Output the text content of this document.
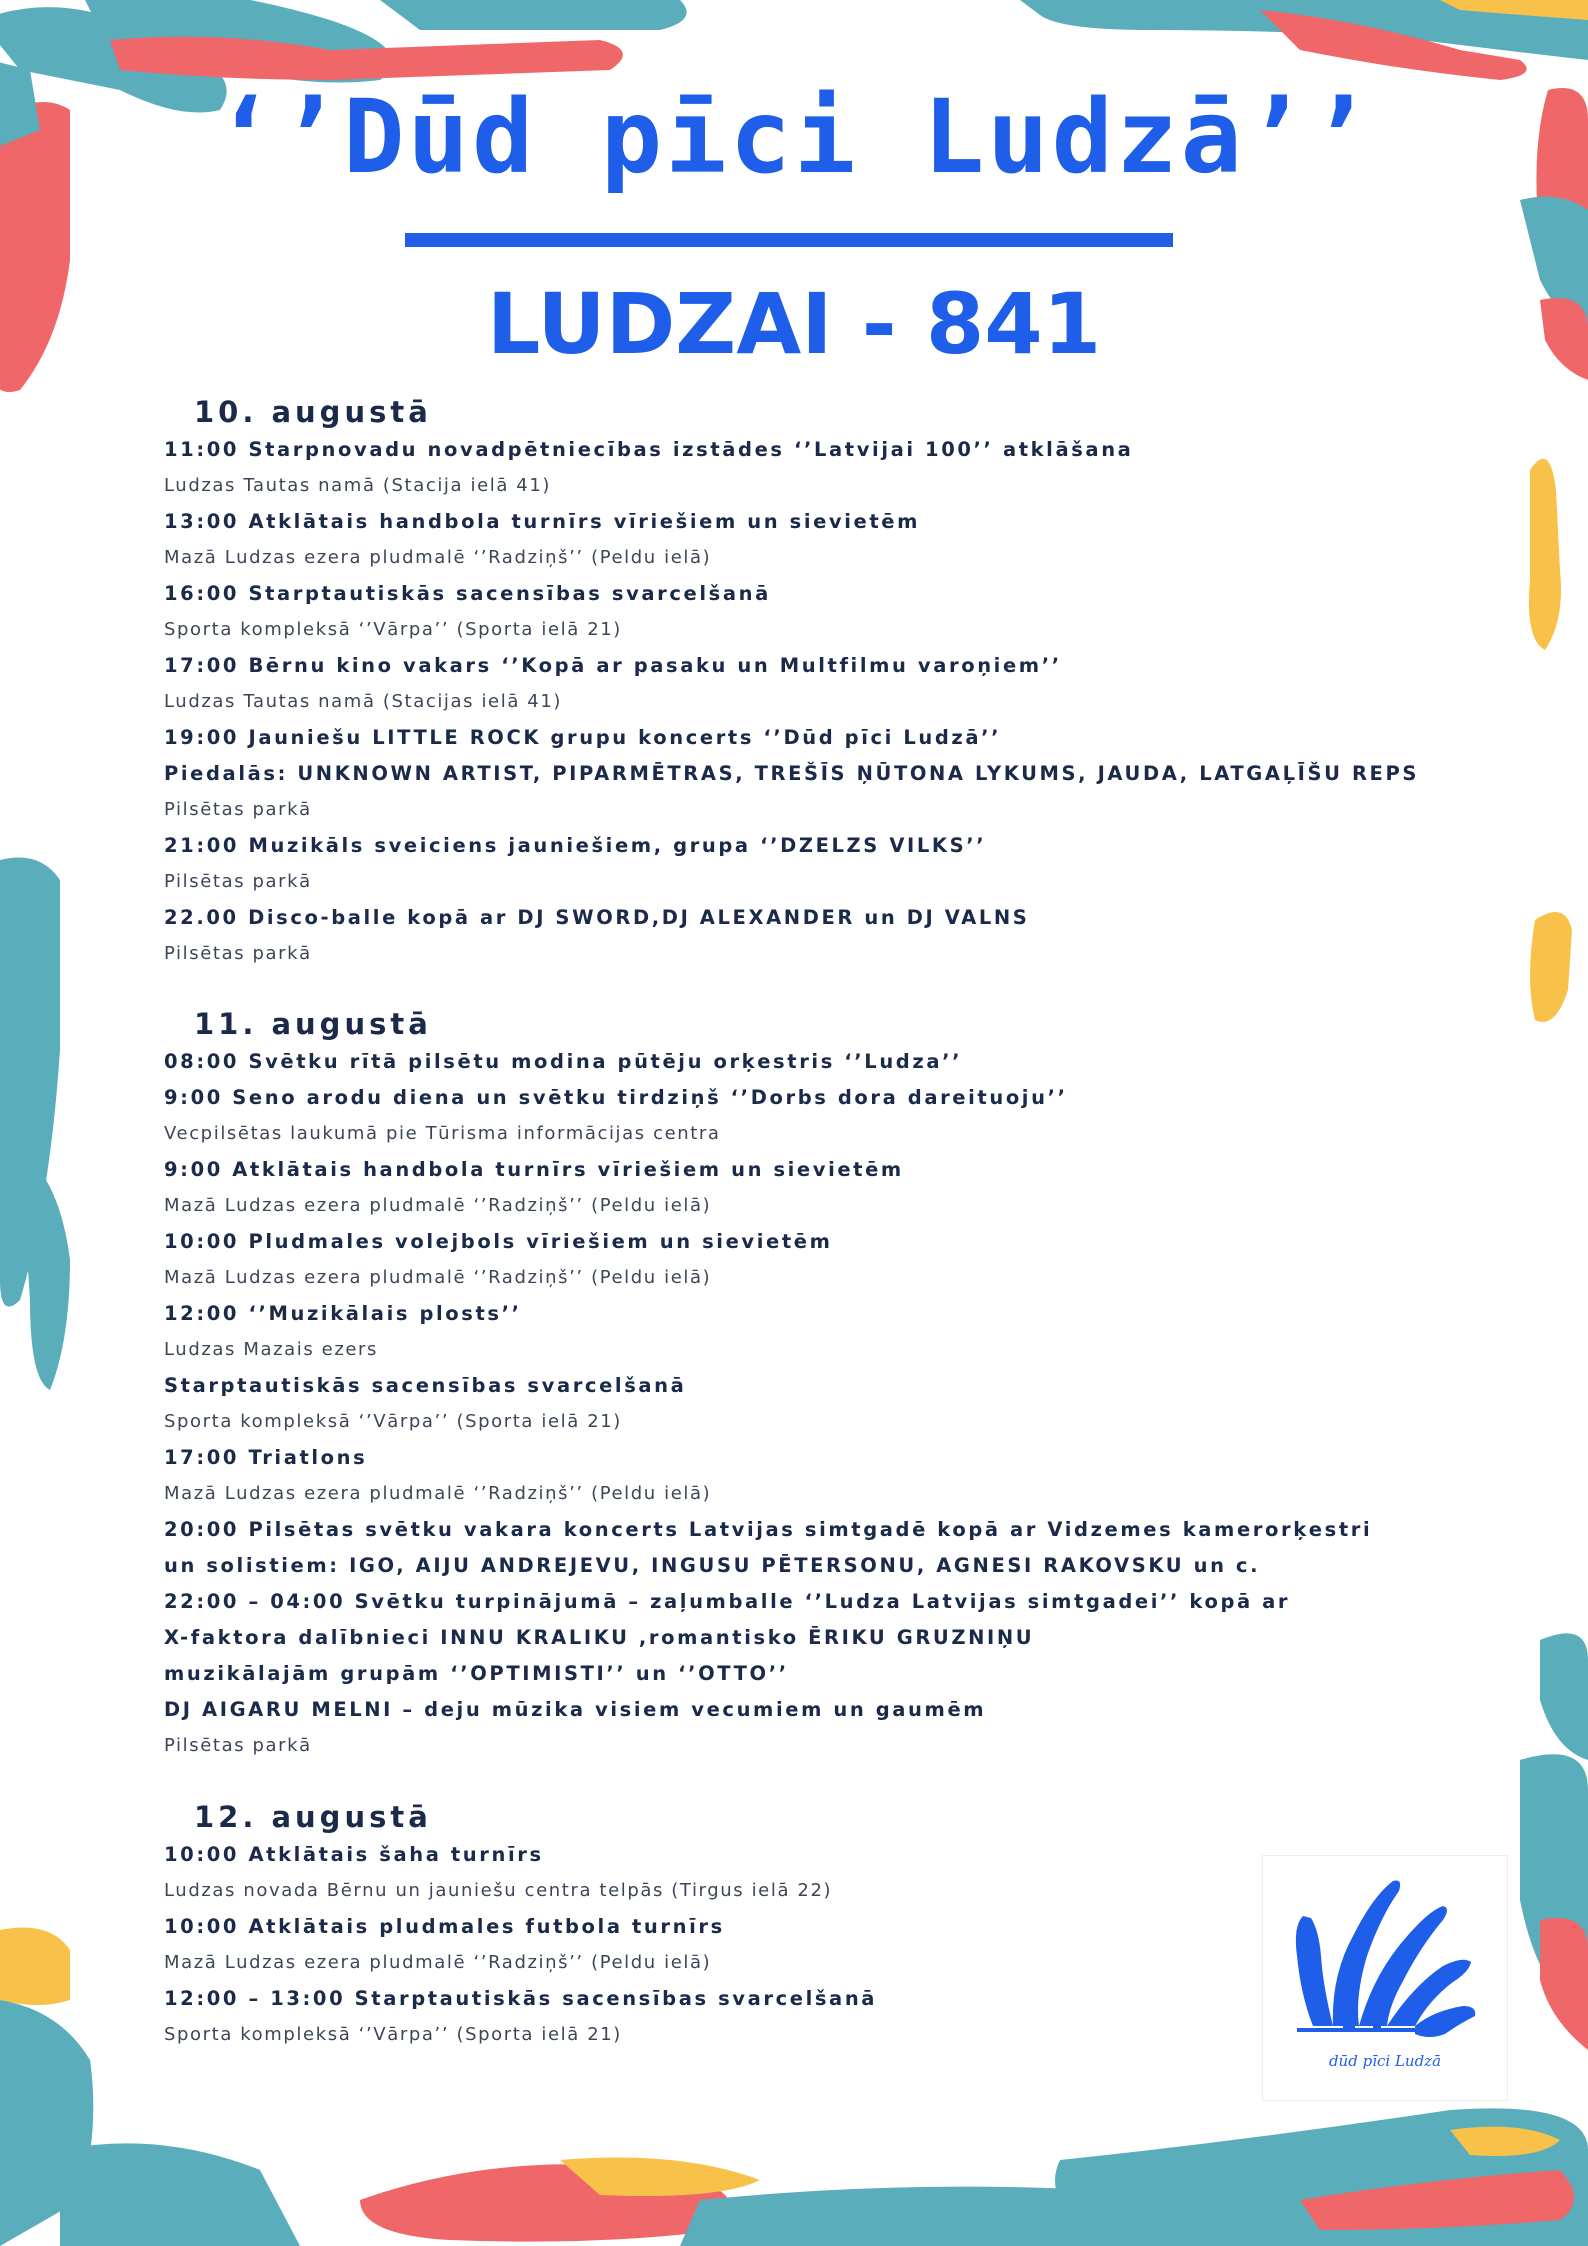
‘’Dūd pīci Ludzā’’
LUDZAI - 841
10. augustā
11:00 Starpnovadu novadpētniecības izstādes ‘’Latvijai 100’’ atklāšana
Ludzas Tautas namā (Stacija ielā 41)
13:00 Atklātais handbola turnīrs vīriešiem un sievietēm
Mazā Ludzas ezera pludmalē ‘’Radziņš’’ (Peldu ielā)
16:00 Starptautiskās sacensības svarcelšanā
Sporta kompleksā ‘’Vārpa’’ (Sporta ielā 21)
17:00 Bērnu kino vakars ‘’Kopā ar pasaku un Multfilmu varoņiem’’
Ludzas Tautas namā (Stacijas ielā 41)
19:00 Jauniešu LITTLE ROCK grupu koncerts ‘’Dūd pīci Ludzā’’
Piedalās: UNKNOWN ARTIST, PIPARMĒTRAS, TREŠĪS ŅŪTONA LYKUMS, JAUDA, LATGAĻĪŠU REPS
Pilsētas parkā
21:00 Muzikāls sveiciens jauniešiem, grupa ‘’DZELZS VILKS’’
Pilsētas parkā
22.00 Disco-balle kopā ar DJ SWORD,DJ ALEXANDER un DJ VALNS
Pilsētas parkā
11. augustā
08:00 Svētku rītā pilsētu modina pūtēju orķestris ‘’Ludza’’
9:00 Seno arodu diena un svētku tirdziņš ‘’Dorbs dora dareituoju’’
Vecpilsētas laukumā pie Tūrisma informācijas centra
9:00 Atklātais handbola turnīrs vīriešiem un sievietēm
Mazā Ludzas ezera pludmalē ‘’Radziņš’’ (Peldu ielā)
10:00 Pludmales volejbols vīriešiem un sievietēm
Mazā Ludzas ezera pludmalē ‘’Radziņš’’ (Peldu ielā)
12:00 ‘’Muzikālais plosts’’
Ludzas Mazais ezers
Starptautiskās sacensības svarcelšanā
Sporta kompleksā ‘’Vārpa’’ (Sporta ielā 21)
17:00 Triatlons
Mazā Ludzas ezera pludmalē ‘’Radziņš’’ (Peldu ielā)
20:00 Pilsētas svētku vakara koncerts Latvijas simtgadē kopā ar Vidzemes kamerorķestri
un solistiem: IGO, AIJU ANDREJEVU, INGUSU PĒTERSONU, AGNESI RAKOVSKU un c.
22:00 – 04:00 Svētku turpinājumā – zaļumballe ‘’Ludza Latvijas simtgadei’’ kopā ar
X-faktora dalībnieci INNU KRALIKU ,romantisko ĒRIKU GRUZNIŅU
muzikālajām grupām ‘’OPTIMISTI’’ un ‘’OTTO’’
DJ AIGARU MELNI – deju mūzika visiem vecumiem un gaumēm
Pilsētas parkā
12. augustā
10:00 Atklātais šaha turnīrs
Ludzas novada Bērnu un jauniešu centra telpās (Tirgus ielā 22)
10:00 Atklātais pludmales futbola turnīrs
Mazā Ludzas ezera pludmalē ‘’Radziņš’’ (Peldu ielā)
12:00 – 13:00 Starptautiskās sacensības svarcelšanā
Sporta kompleksā ‘’Vārpa’’ (Sporta ielā 21)
dūd pīci Ludzā
